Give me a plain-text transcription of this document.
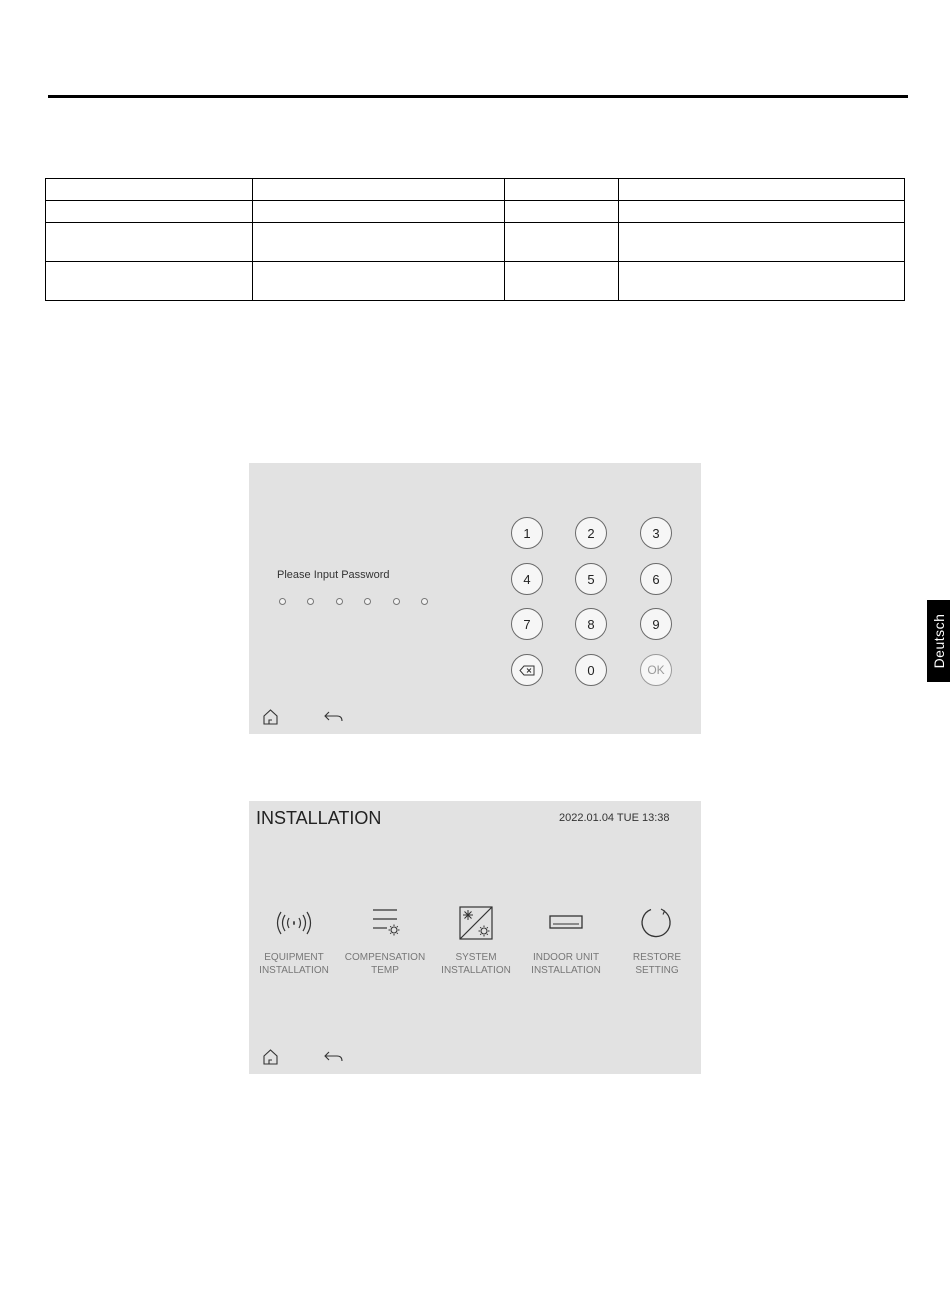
Deutsch
Please Input Password
1	2	3
4	5	6
7	8	9
0	OK
INSTALLATION	2022.01.04 TUE 13:38
EQUIPMENT
INSTALLATION
COMPENSATION
TEMP
SYSTEM
INSTALLATION
INDOOR UNIT
INSTALLATION
RESTORE
SETTING
